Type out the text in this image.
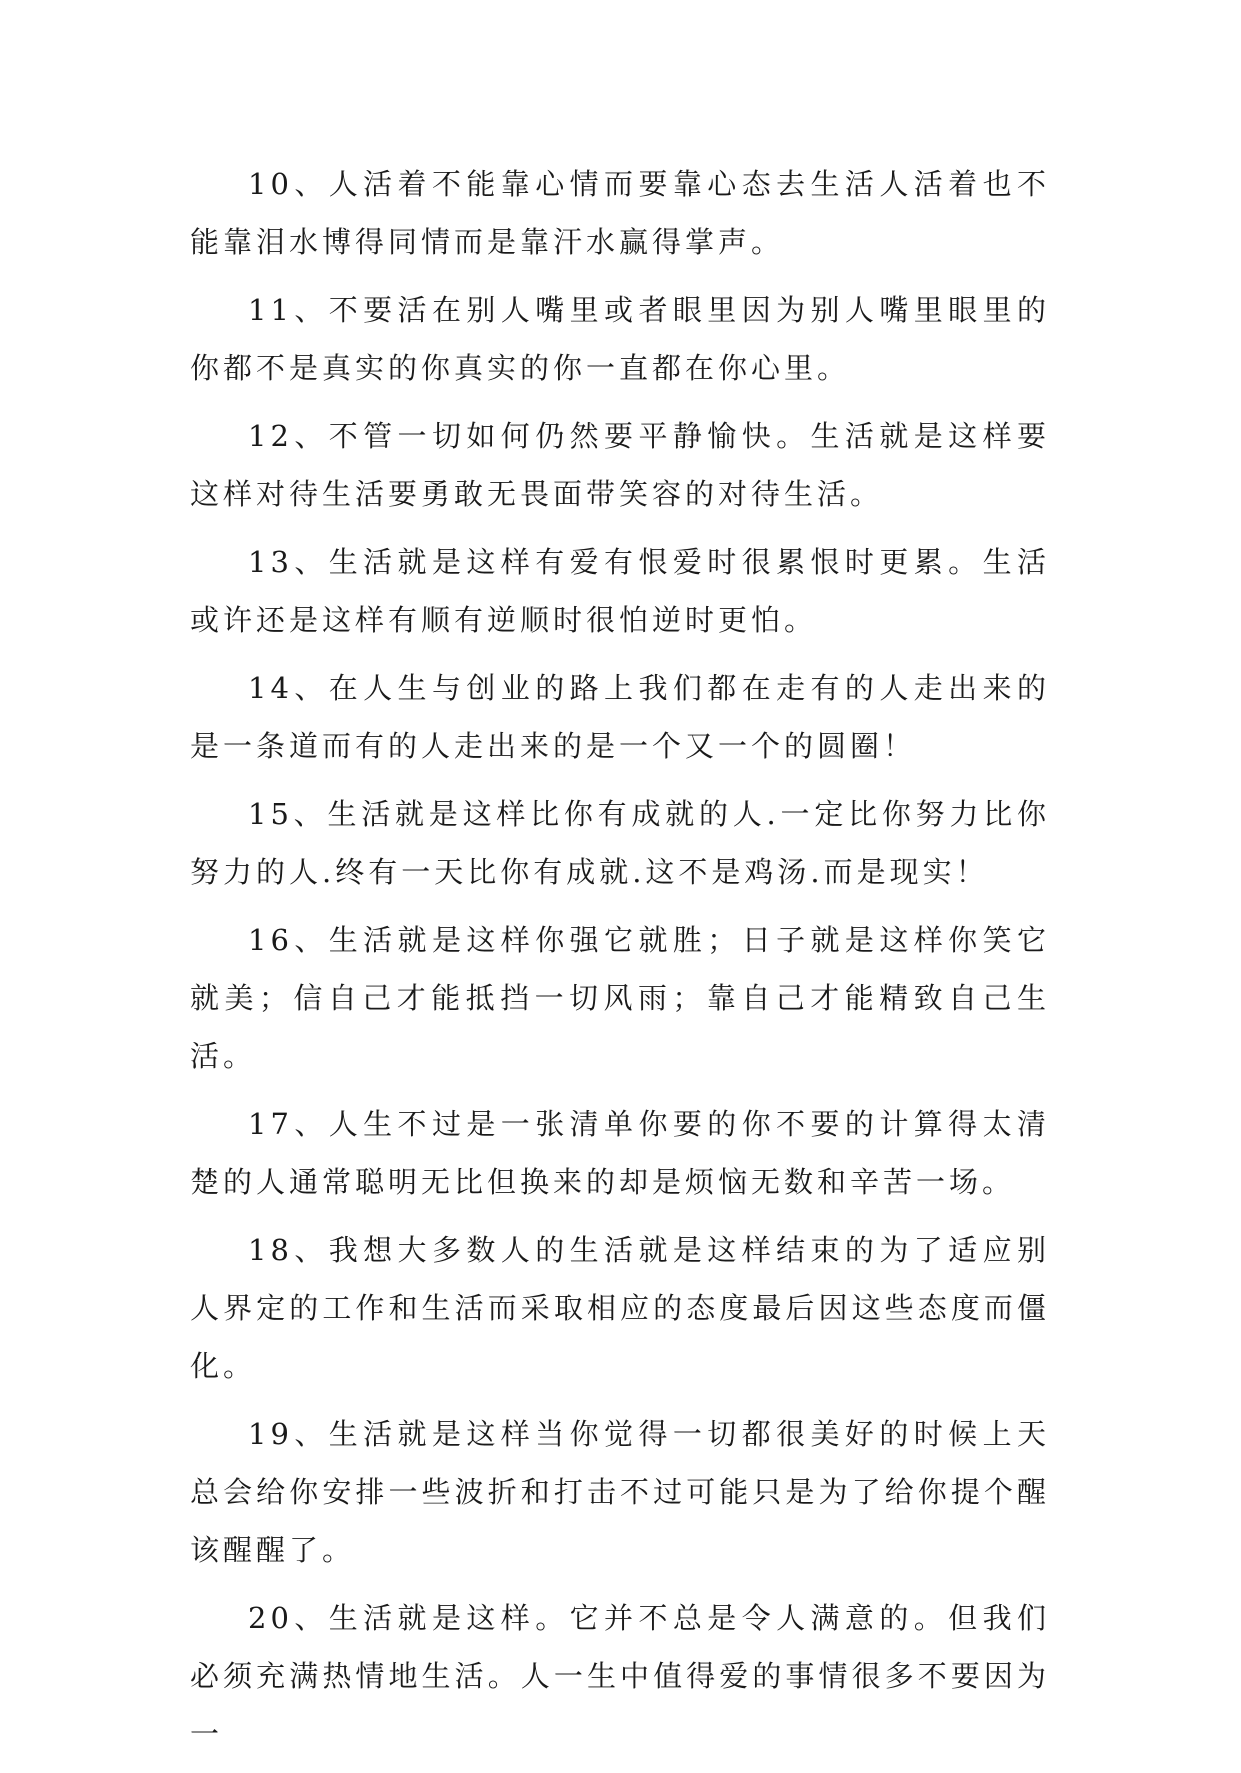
10、人活着不能靠心情而要靠心态去生活人活着也不能靠泪水博得同情而是靠汗水赢得掌声。

11、不要活在别人嘴里或者眼里因为别人嘴里眼里的你都不是真实的你真实的你一直都在你心里。

12、不管一切如何仍然要平静愉快。生活就是这样要这样对待生活要勇敢无畏面带笑容的对待生活。

13、生活就是这样有爱有恨爱时很累恨时更累。生活或许还是这样有顺有逆顺时很怕逆时更怕。

14、在人生与创业的路上我们都在走有的人走出来的是一条道而有的人走出来的是一个又一个的圆圈！

15、生活就是这样比你有成就的人.一定比你努力比你努力的人.终有一天比你有成就.这不是鸡汤.而是现实！

16、生活就是这样你强它就胜；日子就是这样你笑它就美；信自己才能抵挡一切风雨；靠自己才能精致自己生活。

17、人生不过是一张清单你要的你不要的计算得太清楚的人通常聪明无比但换来的却是烦恼无数和辛苦一场。

18、我想大多数人的生活就是这样结束的为了适应别人界定的工作和生活而采取相应的态度最后因这些态度而僵化。

19、生活就是这样当你觉得一切都很美好的时候上天总会给你安排一些波折和打击不过可能只是为了给你提个醒该醒醒了。

20、生活就是这样。它并不总是令人满意的。但我们必须充满热情地生活。人一生中值得爱的事情很多不要因为一
